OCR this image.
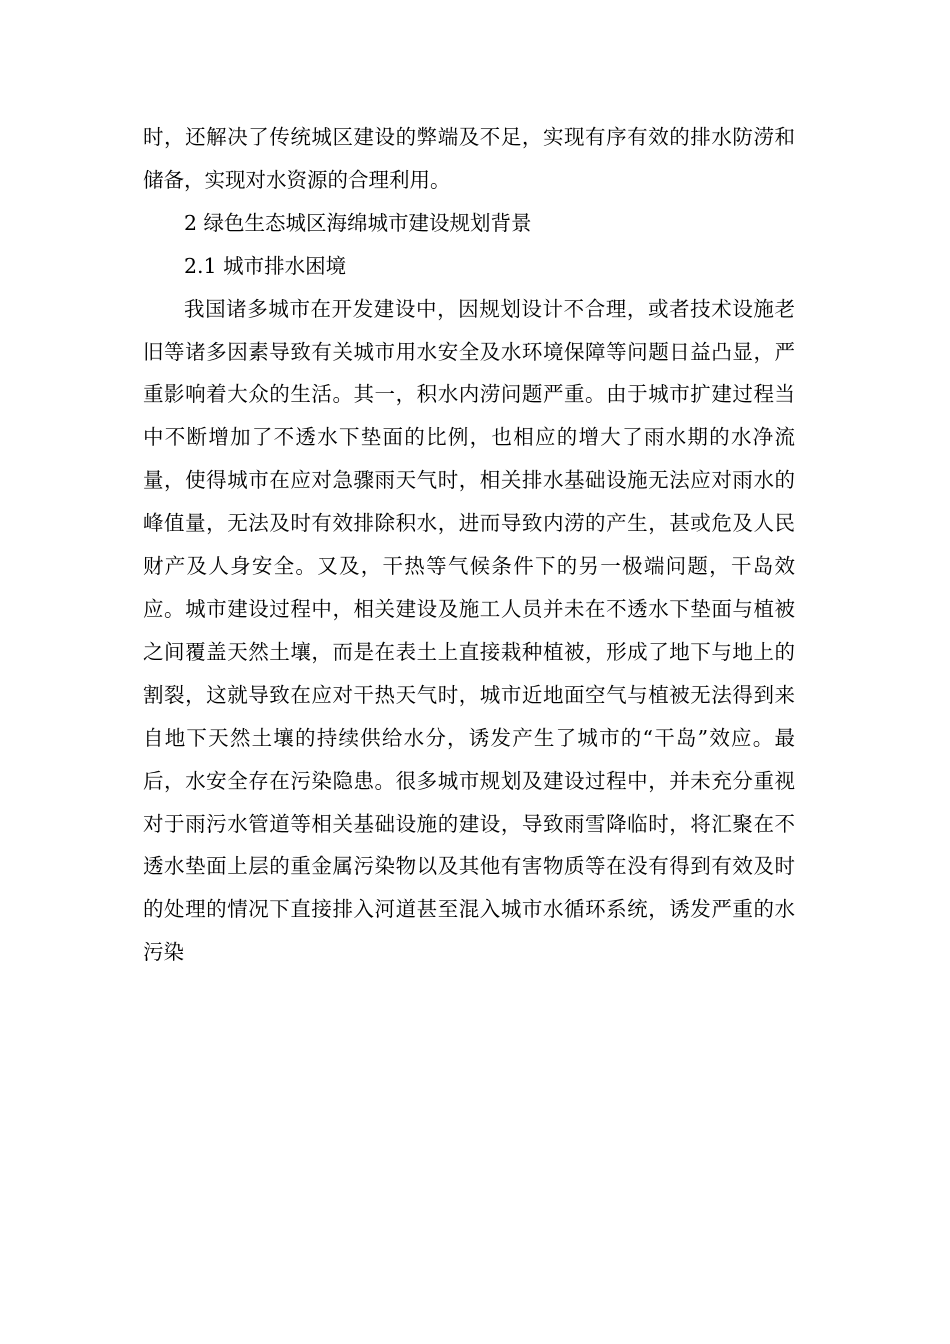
时，还解决了传统城区建设的弊端及不足，实现有序有效的排水防涝和储备，实现对水资源的合理利用。

2 绿色生态城区海绵城市建设规划背景

2.1 城市排水困境

我国诸多城市在开发建设中，因规划设计不合理，或者技术设施老旧等诸多因素导致有关城市用水安全及水环境保障等问题日益凸显，严重影响着大众的生活。其一，积水内涝问题严重。由于城市扩建过程当中不断增加了不透水下垫面的比例，也相应的增大了雨水期的水净流量，使得城市在应对急骤雨天气时，相关排水基础设施无法应对雨水的峰值量，无法及时有效排除积水，进而导致内涝的产生，甚或危及人民财产及人身安全。又及，干热等气候条件下的另一极端问题，干岛效应。城市建设过程中，相关建设及施工人员并未在不透水下垫面与植被之间覆盖天然土壤，而是在表土上直接栽种植被，形成了地下与地上的割裂，这就导致在应对干热天气时，城市近地面空气与植被无法得到来自地下天然土壤的持续供给水分，诱发产生了城市的“干岛”效应。最后，水安全存在污染隐患。很多城市规划及建设过程中，并未充分重视对于雨污水管道等相关基础设施的建设，导致雨雪降临时，将汇聚在不透水垫面上层的重金属污染物以及其他有害物质等在没有得到有效及时的处理的情况下直接排入河道甚至混入城市水循环系统，诱发严重的水污染
